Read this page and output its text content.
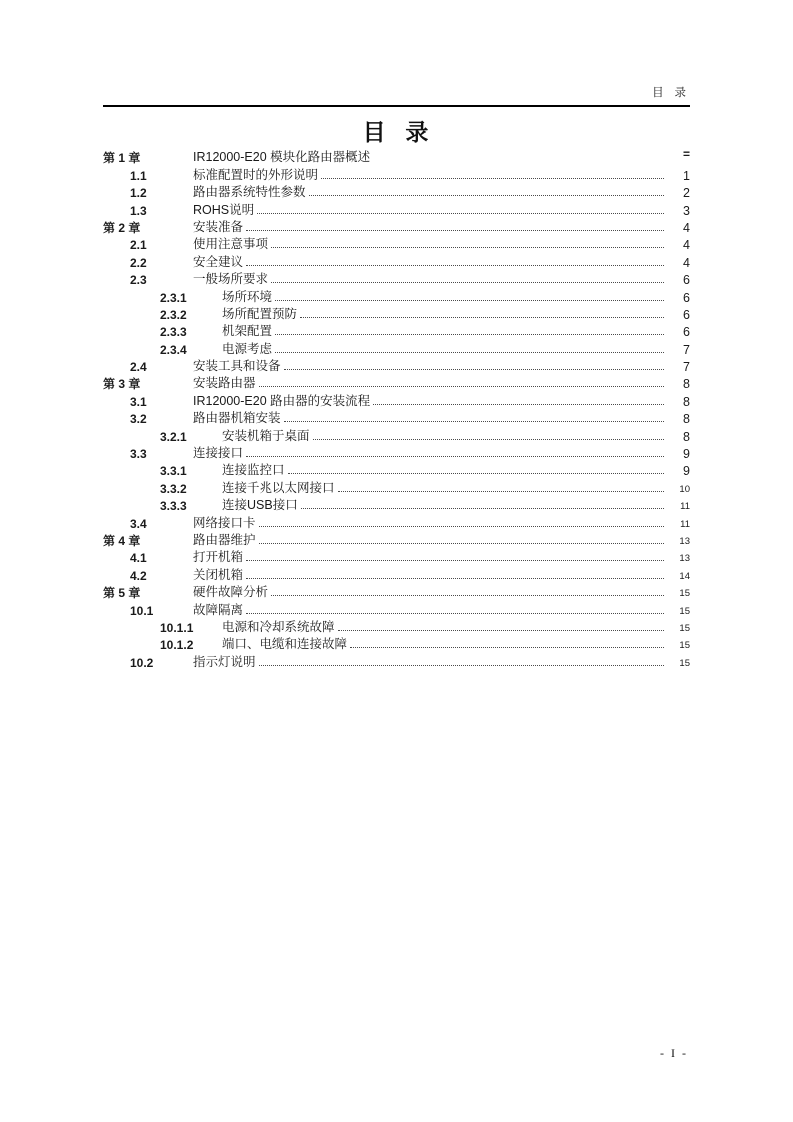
目 录
目 录
第 1 章	IR12000-E20 模块化路由器概述	=
1.1	标准配置时的外形说明	1
1.2	路由器系统特性参数	2
1.3	ROHS说明	3
第 2 章	安装准备	4
2.1	使用注意事项	4
2.2	安全建议	4
2.3	一般场所要求	6
2.3.1	场所环境	6
2.3.2	场所配置预防	6
2.3.3	机架配置	6
2.3.4	电源考虑	7
2.4	安装工具和设备	7
第 3 章	安装路由器	8
3.1	IR12000-E20 路由器的安装流程	8
3.2	路由器机箱安装	8
3.2.1	安装机箱于桌面	8
3.3	连接接口	9
3.3.1	连接监控口	9
3.3.2	连接千兆以太网接口	10
3.3.3	连接USB接口	11
3.4	网络接口卡	11
第 4 章	路由器维护	13
4.1	打开机箱	13
4.2	关闭机箱	14
第 5 章	硬件故障分析	15
10.1	故障隔离	15
10.1.1	电源和冷却系统故障	15
10.1.2	端口、电缆和连接故障	15
10.2	指示灯说明	15
- I -
